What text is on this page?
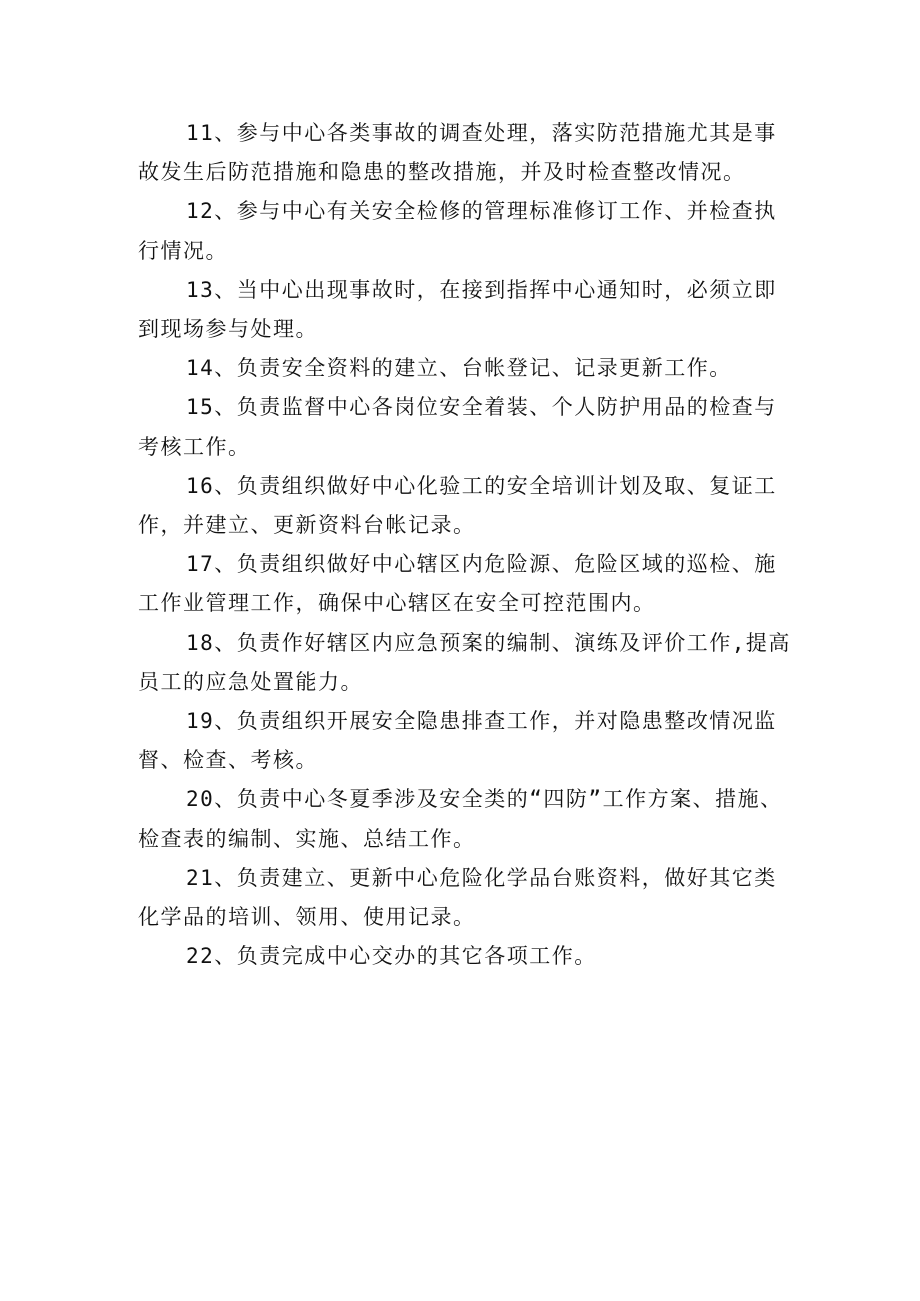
11、参与中心各类事故的调查处理，落实防范措施尤其是事
故发生后防范措施和隐患的整改措施，并及时检查整改情况。

12、参与中心有关安全检修的管理标准修订工作、并检查执
行情况。

13、当中心出现事故时，在接到指挥中心通知时，必须立即
到现场参与处理。

14、负责安全资料的建立、台帐登记、记录更新工作。

15、负责监督中心各岗位安全着装、个人防护用品的检查与
考核工作。

16、负责组织做好中心化验工的安全培训计划及取、复证工
作，并建立、更新资料台帐记录。

17、负责组织做好中心辖区内危险源、危险区域的巡检、施
工作业管理工作，确保中心辖区在安全可控范围内。

18、负责作好辖区内应急预案的编制、演练及评价工作,提高
员工的应急处置能力。

19、负责组织开展安全隐患排查工作，并对隐患整改情况监
督、检查、考核。

20、负责中心冬夏季涉及安全类的“四防”工作方案、措施、
检查表的编制、实施、总结工作。

21、负责建立、更新中心危险化学品台账资料，做好其它类
化学品的培训、领用、使用记录。

22、负责完成中心交办的其它各项工作。
